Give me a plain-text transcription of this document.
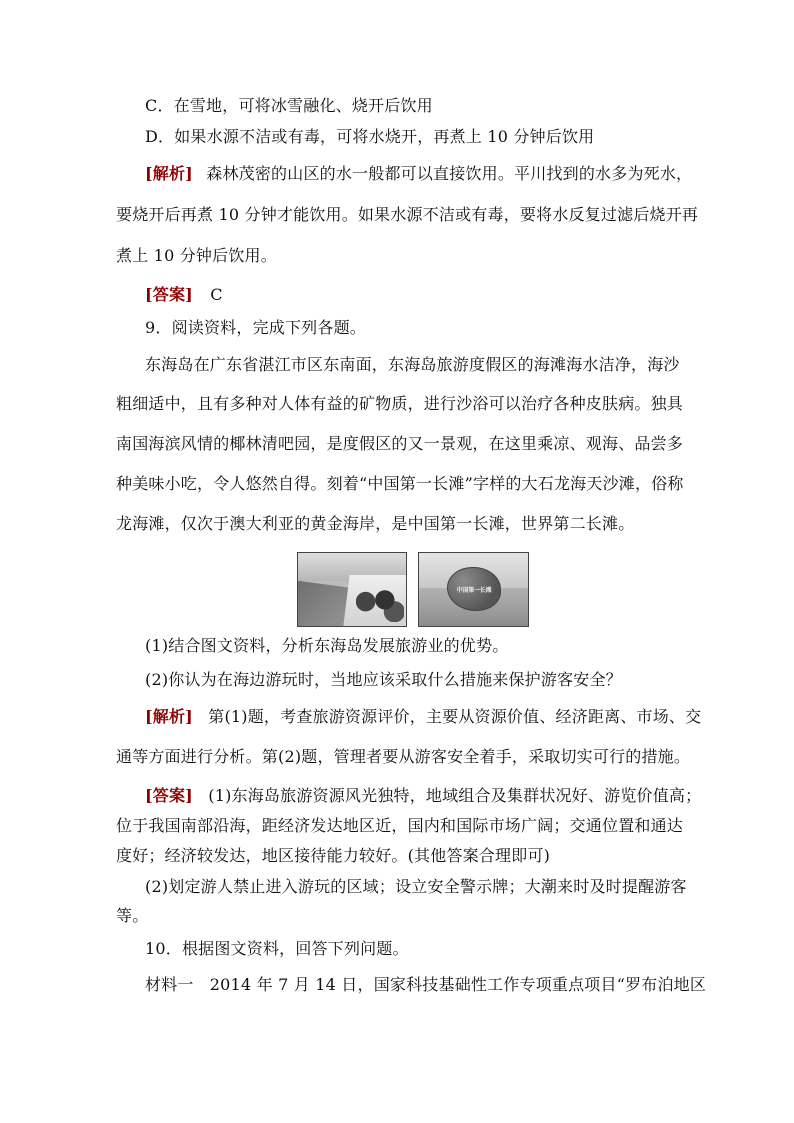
C．在雪地，可将冰雪融化、烧开后饮用
D．如果水源不洁或有毒，可将水烧开，再煮上 10 分钟后饮用
[解析] 森林茂密的山区的水一般都可以直接饮用。平川找到的水多为死水，
要烧开后再煮 10 分钟才能饮用。如果水源不洁或有毒，要将水反复过滤后烧开再
煮上 10 分钟后饮用。
[答案] C
9．阅读资料，完成下列各题。
东海岛在广东省湛江市区东南面，东海岛旅游度假区的海滩海水洁净，海沙
粗细适中，且有多种对人体有益的矿物质，进行沙浴可以治疗各种皮肤病。独具
南国海滨风情的椰林清吧园，是度假区的又一景观，在这里乘凉、观海、品尝多
种美味小吃，令人悠然自得。刻着“中国第一长滩”字样的大石龙海天沙滩，俗称
龙海滩，仅次于澳大利亚的黄金海岸，是中国第一长滩，世界第二长滩。
中国第一长滩
(1)结合图文资料，分析东海岛发展旅游业的优势。
(2)你认为在海边游玩时，当地应该采取什么措施来保护游客安全？
[解析] 第(1)题，考查旅游资源评价，主要从资源价值、经济距离、市场、交
通等方面进行分析。第(2)题，管理者要从游客安全着手，采取切实可行的措施。
[答案] (1)东海岛旅游资源风光独特，地域组合及集群状况好、游览价值高；
位于我国南部沿海，距经济发达地区近，国内和国际市场广阔；交通位置和通达
度好；经济较发达，地区接待能力较好。(其他答案合理即可)
(2)划定游人禁止进入游玩的区域；设立安全警示牌；大潮来时及时提醒游客
等。
10．根据图文资料，回答下列问题。
材料一　2014 年 7 月 14 日，国家科技基础性工作专项重点项目“罗布泊地区
